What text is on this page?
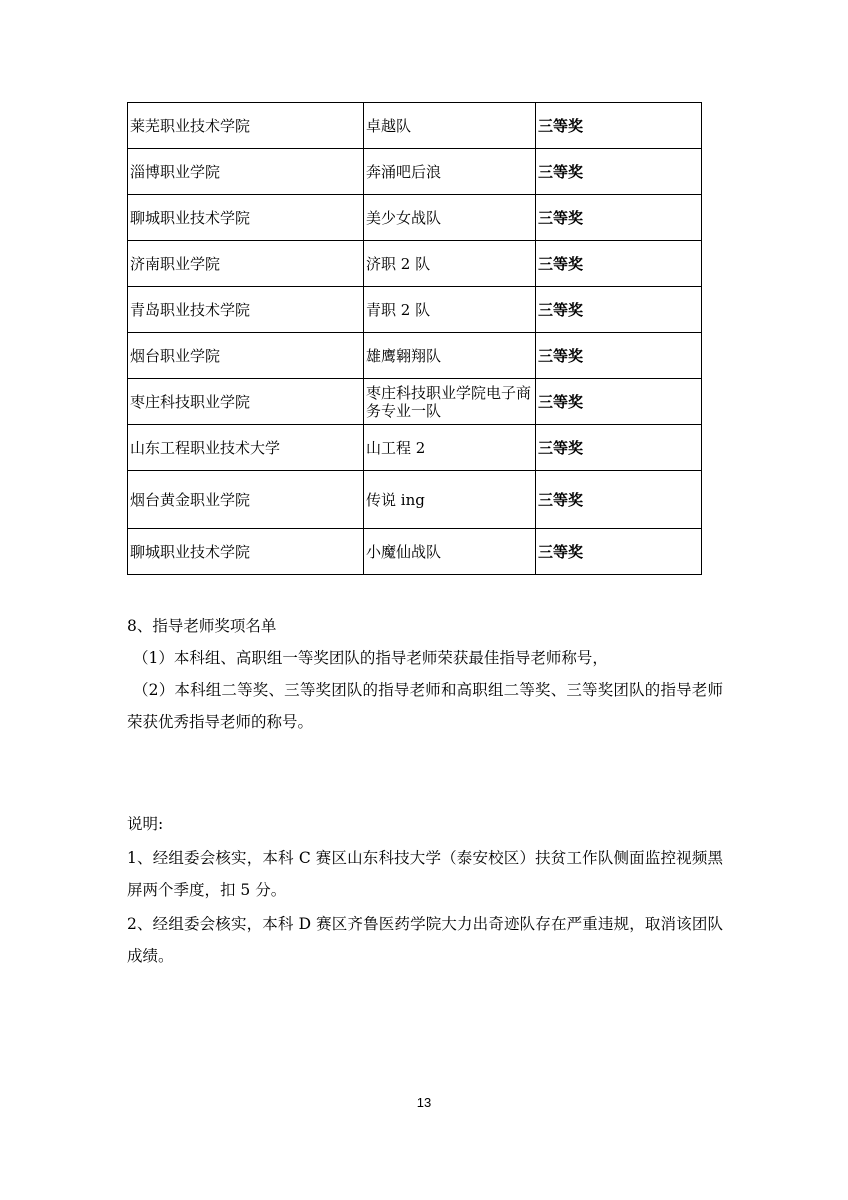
莱芜职业技术学院	卓越队	三等奖
淄博职业学院	奔涌吧后浪	三等奖
聊城职业技术学院	美少女战队	三等奖
济南职业学院	济职 2 队	三等奖
青岛职业技术学院	青职 2 队	三等奖
烟台职业学院	雄鹰翱翔队	三等奖
枣庄科技职业学院	枣庄科技职业学院电子商务专业一队	三等奖
山东工程职业技术大学	山工程 2	三等奖
烟台黄金职业学院	传说 ing	三等奖
聊城职业技术学院	小魔仙战队	三等奖

8、指导老师奖项名单

（1）本科组、高职组一等奖团队的指导老师荣获最佳指导老师称号，

（2）本科组二等奖、三等奖团队的指导老师和高职组二等奖、三等奖团队的指导老师荣获优秀指导老师的称号。

说明:

1、经组委会核实，本科 C 赛区山东科技大学（泰安校区）扶贫工作队侧面监控视频黑屏两个季度，扣 5 分。

2、经组委会核实，本科 D 赛区齐鲁医药学院大力出奇迹队存在严重违规，取消该团队成绩。

13
